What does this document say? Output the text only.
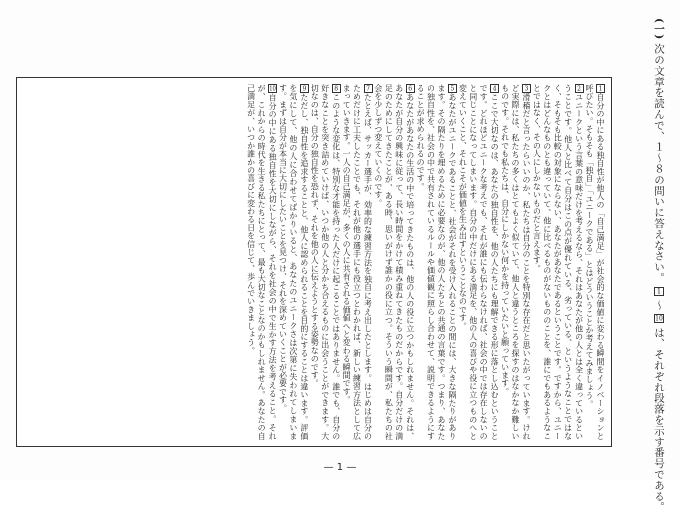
(一) 次の文章を読んで、１～８の問いに答えなさい。 1 ～ 10 は、それぞれ段落を示す番号である。

1自分の中にある独自性が他人の「自己満足」が社会的な価値に変わる瞬間をイノベーションと呼びたい。そもそも「独自」「ユニークである」とはどういうことか考えてみましょう。

2ユニークという言葉の意味だけを考えるなら、それはあなたが他の人とは全く違っているということです。他人と比べて自分はこの点が優れている、劣っている、というようなことではなく、そもそも比較の対象にならない、あなたがあなたであるということです。ですから、ユニークとはどんなものとも違っていて、他に比べるものがないもののことを、誰にでもあるようなことではなく、その人にしかないものだと言えます。

3滑稽だと言ったらいいのか、私たちは自分のことを特別な存在だと思いたがっています。けれど実際には、私たちの多くはとてもよく似ていて、他人と違うところを探すのはなかなか難しいものです。それでも私たちは、自分にしかない何かを持っていたいと願っています。

4ここで大切なのは、あなたの独自性を、他の人たちにも理解できる形に落とし込むということです。どれほどユニークな考えでも、それが誰にも伝わらなければ、社会の中では存在しないのと同じことになってしまいます。自分の中だけにある満足を、他の人の喜びや役に立つものへと変えていくこと、それこそが価値を生み出すということなのです。

5あなたがユニークであることと、社会がそれを受け入れることの間には、大きな隔たりがあります。その隔たりを埋めるために必要なのが、他の人たちとの共通の言葉です。つまり、あなたの独自性を、社会の中で共有されているルールや価値観に照らし合わせて、説明できるようにすることが求められるのです。

6あなたがあなたの生活の中で培ってきたものは、他の人の役に立つかもしれません。それは、あなたが自分の興味に従って、長い時間をかけて積み重ねてきたものだからです。自分だけの満足のためにしてきたことが、ある時、思いがけず誰かの役に立つ。そういう瞬間が、私たちの社会を少しずつ変えていくのです。

7たとえば、サッカー選手が、効率的な練習方法を独自に考え出したとします。はじめは自分のためだけに工夫したことでも、それが他の選手にも役立つとわかれば、新しい練習方法として広まっていきます。一人の自己満足が、多くの人に共有される価値へと変わる瞬間です。

8このような変化は、特別な才能を持った人だけに起こることではありません。誰でも、自分の好きなことを突き詰めていけば、いつか他の人と分かち合えるものに出会うことができます。大切なのは、自分の独自性を恐れず、それを他の人に伝えようとする姿勢なのです。

9ただし、独自性を追求することと、他人に認められることを目的にすることは違います。評価を気にして、他の人に合わせてばかりいると、あなたのユニークさは次第に失われてしまいます。まずは自分が本当に大切にしたいことを見つけ、それを深めていくことが必要です。

10自分の中にある独自性を大切にしながら、それを社会の中で生かす方法を考えること。それが、これからの時代を生きる私たちにとって、最も大切なことなのかもしれません。あなたの自己満足が、いつか誰かの喜びに変わる日を信じて、歩んでいきましょう。

— 1 —
